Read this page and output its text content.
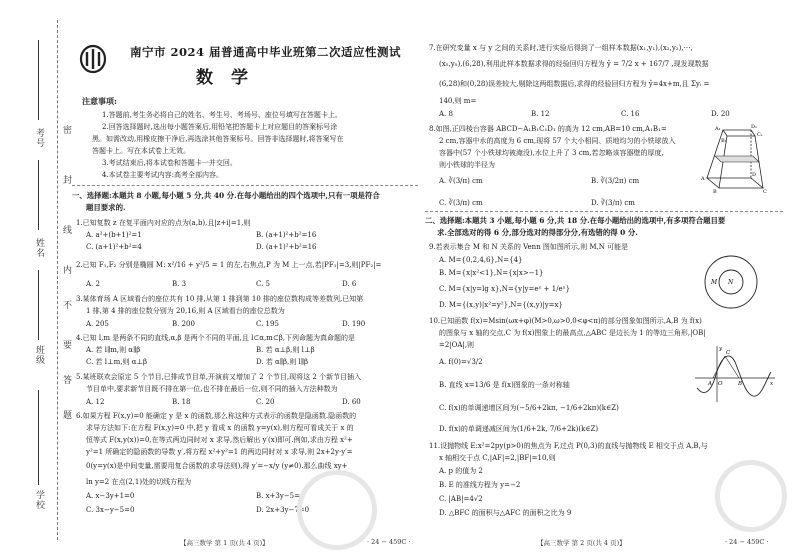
密
封
线
内
不
要
答
题
考号
姓名
班级
学校
南宁市 2024 届普通高中毕业班第二次适应性测试
数学
注意事项:
1.答题前,考生务必将自己的姓名、考生号、考场号、座位号填写在答题卡上。
2.回答选择题时,选出每小题答案后,用铅笔把答题卡上对应题目的答案标号涂
黑。如需改动,用橡皮擦干净后,再选涂其他答案标号。回答非选择题时,将答案写在
答题卡上。写在本试卷上无效。
3.考试结束后,将本试卷和答题卡一并交回。
4.本试卷主要考试内容:高考全部内容。
一、选择题:本题共 8 小题,每小题 5 分,共 40 分.在每小题给出的四个选项中,只有一项是符合
题目要求的.
1.已知复数 z 在复平面内对应的点为(a,b),且|z+i|=1,则
A. a²+(b+1)²=1	B. (a+1)²+b²=16
C. (a+1)²+b²=4	D. (a+1)²+b²=16
2.已知 F₁,F₂ 分别是椭圆 M: x²/16 + y²/5 = 1 的左,右焦点,P 为 M 上一点,若|PF₁|=3,则|PF₂|=
A. 2	B. 3	C. 5	D. 6
3.某体育场 A 区域看台的座位共有 10 排,从第 1 排到第 10 排的座位数构成等差数列,已知第
1 排,第 4 排的座位数分别为 20,16,则 A 区域看台的座位总数为
A. 205	B. 200	C. 195	D. 190
4.已知 l,m 是两条不同的直线,α,β 是两个不同的平面,且 l⊂α,m⊂β,下列命题为真命题的是
A. 若 l∥m,则 α∥β	B. 若 α⊥β,则 l⊥β
C. 若 l⊥m,则 α⊥β	D. 若 α∥β,则 l∥β
5.某班联欢会原定 5 个节目,已排成节目单,开演前又增加了 2 个节目,现将这 2 个新节目插入
节目单中,要求新节目既不排在第一位,也不排在最后一位,则不同的插入方法种数为
A. 12	B. 18	C. 20	D. 60
6.如果方程 F(x,y)=0 能确定 y 是 x 的函数,那么称这种方式表示的函数是隐函数.隐函数的
求导方法如下:在方程 F(x,y)=0 中,把 y 看成 x 的函数 y=y(x),则方程可看成关于 x 的
恒等式 F(x,y(x))=0,在等式两边同时对 x 求导,然后解出 y′(x)即可.例如,求由方程 x²+
y²=1 所确定的隐函数的导数 y′,将方程 x²+y²=1 的两边同时对 x 求导,则 2x+2y·y′=
0(y=y(x)是中间变量,需要用复合函数的求导法则),得 y′=−x/y (y≠0).那么曲线 xy+
ln y=2 在点(2,1)处的切线方程为
A. x−3y+1=0	B. x+3y−5=0
C. 3x−y−5=0	D. 2x+3y−7=0
【高三数学 第 1 页(共 4 页)】	· 24 − 459C ·
7.在研究变量 x 与 y 之间的关系时,进行实验后得到了一组样本数据(x₁,y₁),(x₂,y₂),⋯,
(x₅,y₅),(6,28),利用此样本数据求得的经验回归方程为 ŷ = 7/2 x + 167/7 ,现发现数据
(6,28)和(0,28)误差较大,剔除这两组数据后,求得的经验回归方程为 ŷ=4x+m,且 Σyᵢ =
140,则 m=
A. 8	B. 12	C. 16	D. 20
8.如图,正四棱台容器 ABCD−A₁B₁C₁D₁ 的高为 12 cm,AB=10 cm,A₁B₁=
2 cm,容器中水的高度为 6 cm,现将 57 个大小相同、质地均匀的小铁球放入
容器中(57 个小铁球均被淹没),水位上升了 3 cm,若忽略该容器壁的厚度,
则小铁球的半径为
A. ∛(3/π) cm	B. ∛(3/2π) cm
C. ∛(3/π) cm	D. ∛(3/π) cm
A₁	D₁
B₁
C₁
A
D
B	C
二、选择题:本题共 3 小题,每小题 6 分,共 18 分.在每小题给出的选项中,有多项符合题目要
求.全部选对的得 6 分,部分选对的得部分分,有选错的得 0 分.
9.若表示集合 M 和 N 关系的 Venn 图如图所示,则 M,N 可能是
A. M={0,2,4,6},N={4}
B. M={x|x²<1},N={x|x>−1}
C. M={x|y=lg x},N={y|y=eˣ + 1/eˣ}
D. M={(x,y)|x²=y²},N={(x,y)|y=x}
M N
10.已知函数 f(x)=Msin(ωx+φ)(M>0,ω>0,0<φ<π)的部分图象如图所示,A,B 为 f(x)
的图象与 x 轴的交点,C 为 f(x)图象上的最高点,△ABC 是边长为 1 的等边三角形,|OB|
=2|OA|,则
A. f(0)=√3/2
B. 直线 x=13/6 是 f(x)图象的一条对称轴
C. f(x)的单调递增区间为(−5/6+2kπ, −1/6+2kπ)(k∈Z)
D. f(x)的单调递减区间为(1/6+2k, 7/6+2k)(k∈Z)
y
O
A	B
C
x
11.设抛物线 E:x²=2py(p>0)的焦点为 F,过点 P(0,3)的直线与抛物线 E 相交于点 A,B,与
x 轴相交于点 C,|AF|=2,|BF|=10,则
A. p 的值为 2
B. E 的准线方程为 y=−2
C. |AB|=4√2
D. △BFC 的面积与△AFC 的面积之比为 9
【高三数学 第 2 页(共 4 页)】	· 24 − 459C ·
